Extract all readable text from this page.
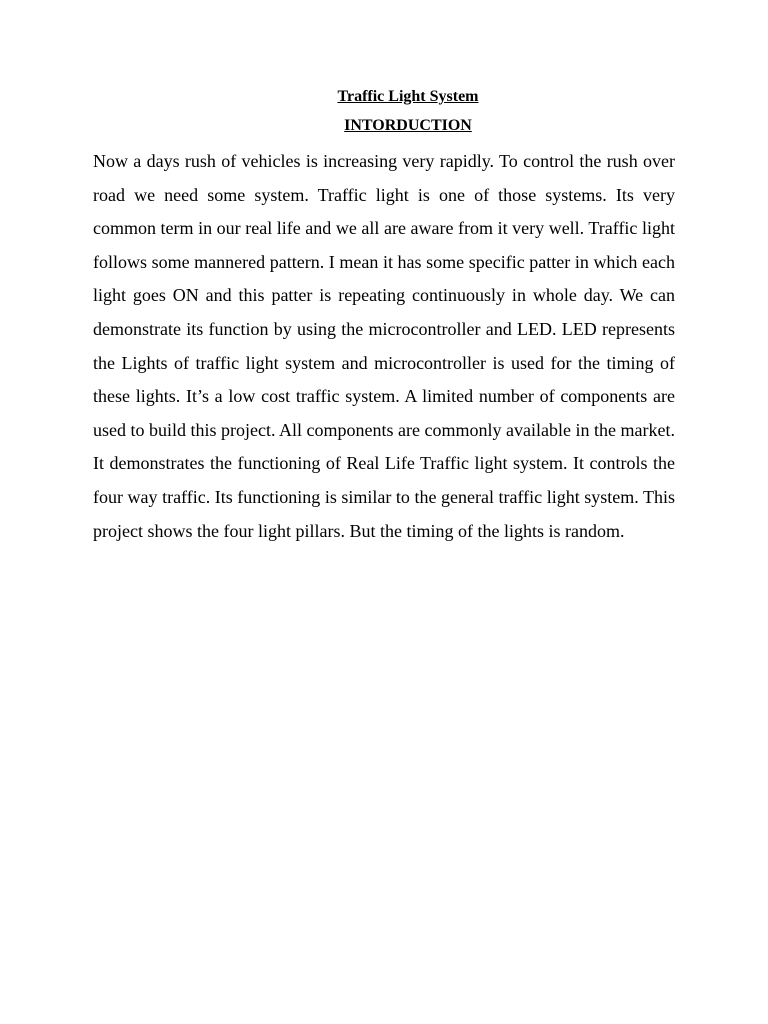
Traffic Light System
INTORDUCTION

Now a days rush of vehicles is increasing very rapidly. To control the rush over road we need some system. Traffic light is one of those systems. Its very common term in our real life and we all are aware from it very well. Traffic light follows some mannered pattern. I mean it has some specific patter in which each light goes ON and this patter is repeating continuously in whole day. We can demonstrate its function by using the microcontroller and LED. LED represents the Lights of traffic light system and microcontroller is used for the timing of these lights. It’s a low cost traffic system. A limited number of components are used to build this project. All components are commonly available in the market. It demonstrates the functioning of Real Life Traffic light system. It controls the four way traffic. Its functioning is similar to the general traffic light system. This project shows the four light pillars. But the timing of the lights is random.
